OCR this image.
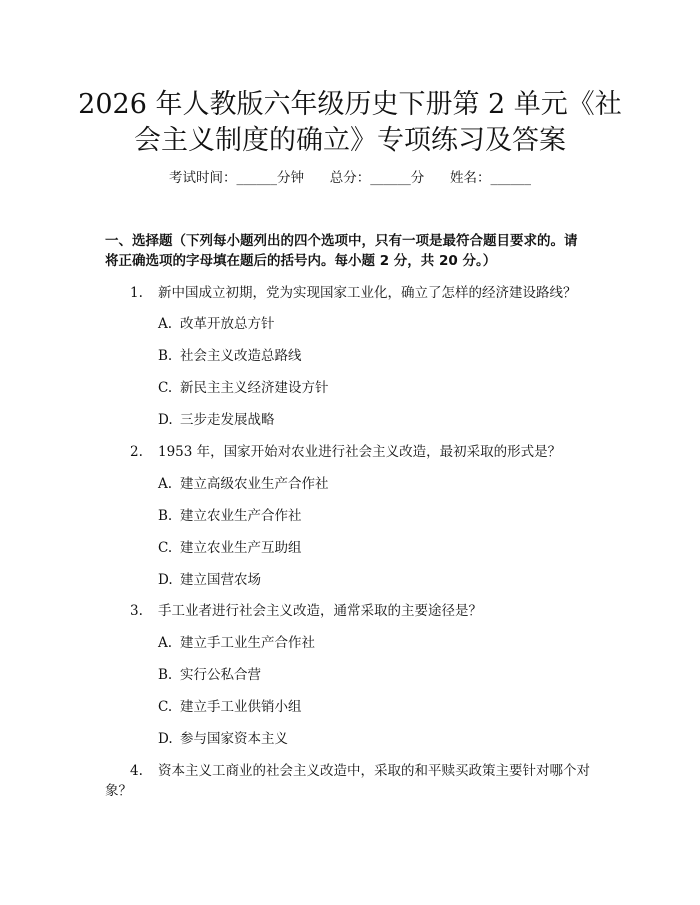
2026 年人教版六年级历史下册第 2 单元《社
会主义制度的确立》专项练习及答案
考试时间：______分钟      总分：______分      姓名：______
一、选择题（下列每小题列出的四个选项中，只有一项是最符合题目要求的。请
将正确选项的字母填在题后的括号内。每小题 2 分，共 20 分。）
1.	新中国成立初期，党为实现国家工业化，确立了怎样的经济建设路线？
A. 改革开放总方针
B. 社会主义改造总路线
C. 新民主主义经济建设方针
D. 三步走发展战略
2.	1953 年，国家开始对农业进行社会主义改造，最初采取的形式是？
A. 建立高级农业生产合作社
B. 建立农业生产合作社
C. 建立农业生产互助组
D. 建立国营农场
3.	手工业者进行社会主义改造，通常采取的主要途径是？
A. 建立手工业生产合作社
B. 实行公私合营
C. 建立手工业供销小组
D. 参与国家资本主义
4.	资本主义工商业的社会主义改造中，采取的和平赎买政策主要针对哪个对
象？
